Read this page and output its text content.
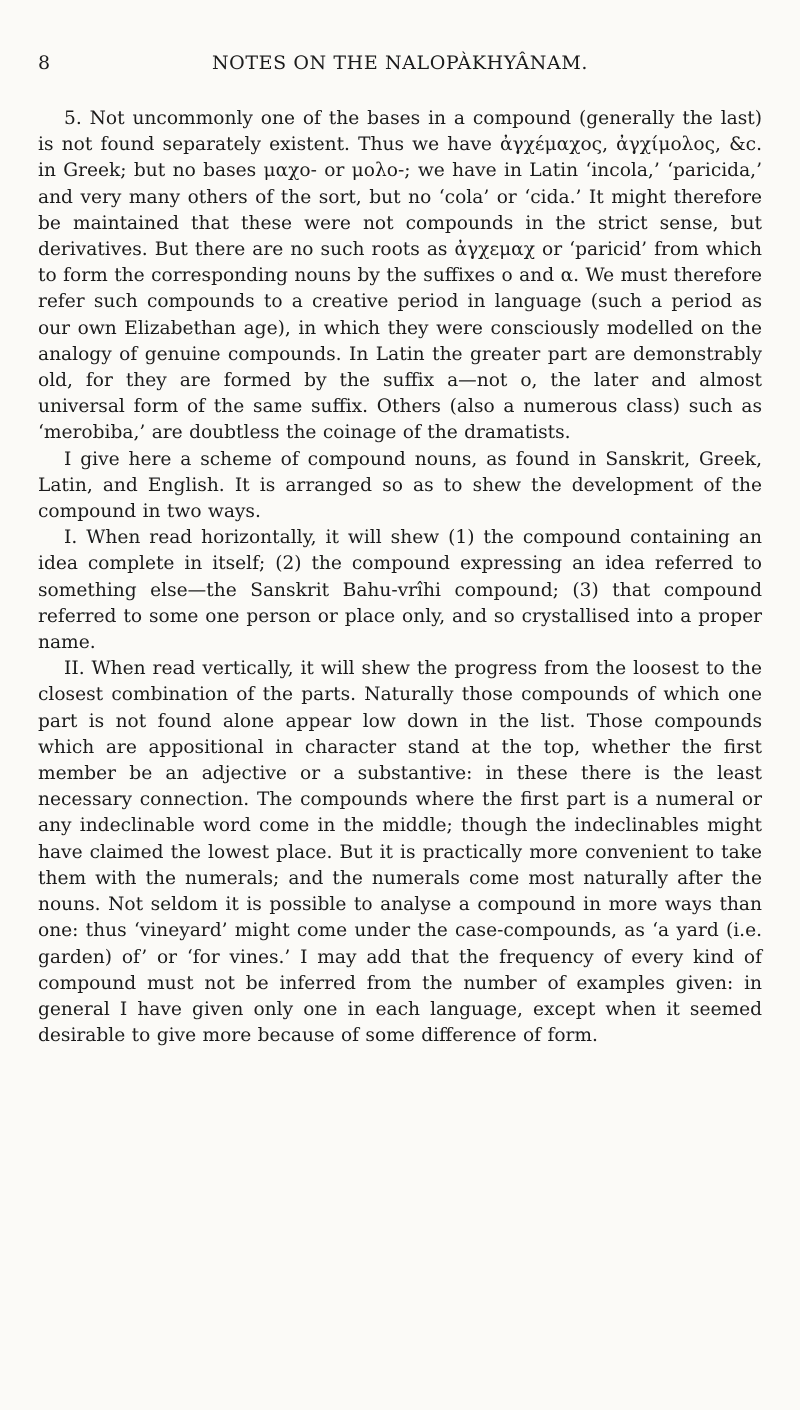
8	NOTES ON THE NALOPÀKHYÂNAM.

5. Not uncommonly one of the bases in a compound (generally the last) is not found separately existent. Thus we have ἀγχέμαχος, ἀγχίμολος, &c. in Greek; but no bases μαχο- or μολο-; we have in Latin ‘incola,’ ‘paricida,’ and very many others of the sort, but no ‘cola’ or ‘cida.’ It might therefore be maintained that these were not compounds in the strict sense, but derivatives. But there are no such roots as ἀγχεμαχ or ‘paricid’ from which to form the corresponding nouns by the suffixes ο and α. We must therefore refer such compounds to a creative period in language (such a period as our own Elizabethan age), in which they were consciously modelled on the analogy of genuine compounds. In Latin the greater part are demonstrably old, for they are formed by the suffix a—not o, the later and almost universal form of the same suffix. Others (also a numerous class) such as ‘merobiba,’ are doubtless the coinage of the dramatists.

I give here a scheme of compound nouns, as found in Sanskrit, Greek, Latin, and English. It is arranged so as to shew the development of the compound in two ways.

I. When read horizontally, it will shew (1) the compound containing an idea complete in itself; (2) the compound expressing an idea referred to something else—the Sanskrit Bahu-vrîhi compound; (3) that compound referred to some one person or place only, and so crystallised into a proper name.

II. When read vertically, it will shew the progress from the loosest to the closest combination of the parts. Naturally those compounds of which one part is not found alone appear low down in the list. Those compounds which are appositional in character stand at the top, whether the first member be an adjective or a substantive: in these there is the least necessary connection. The compounds where the first part is a numeral or any indeclinable word come in the middle; though the indeclinables might have claimed the lowest place. But it is practically more convenient to take them with the numerals; and the numerals come most naturally after the nouns. Not seldom it is possible to analyse a compound in more ways than one: thus ‘vineyard’ might come under the case-compounds, as ‘a yard (i.e. garden) of’ or ‘for vines.’ I may add that the frequency of every kind of compound must not be inferred from the number of examples given: in general I have given only one in each language, except when it seemed desirable to give more because of some difference of form.
